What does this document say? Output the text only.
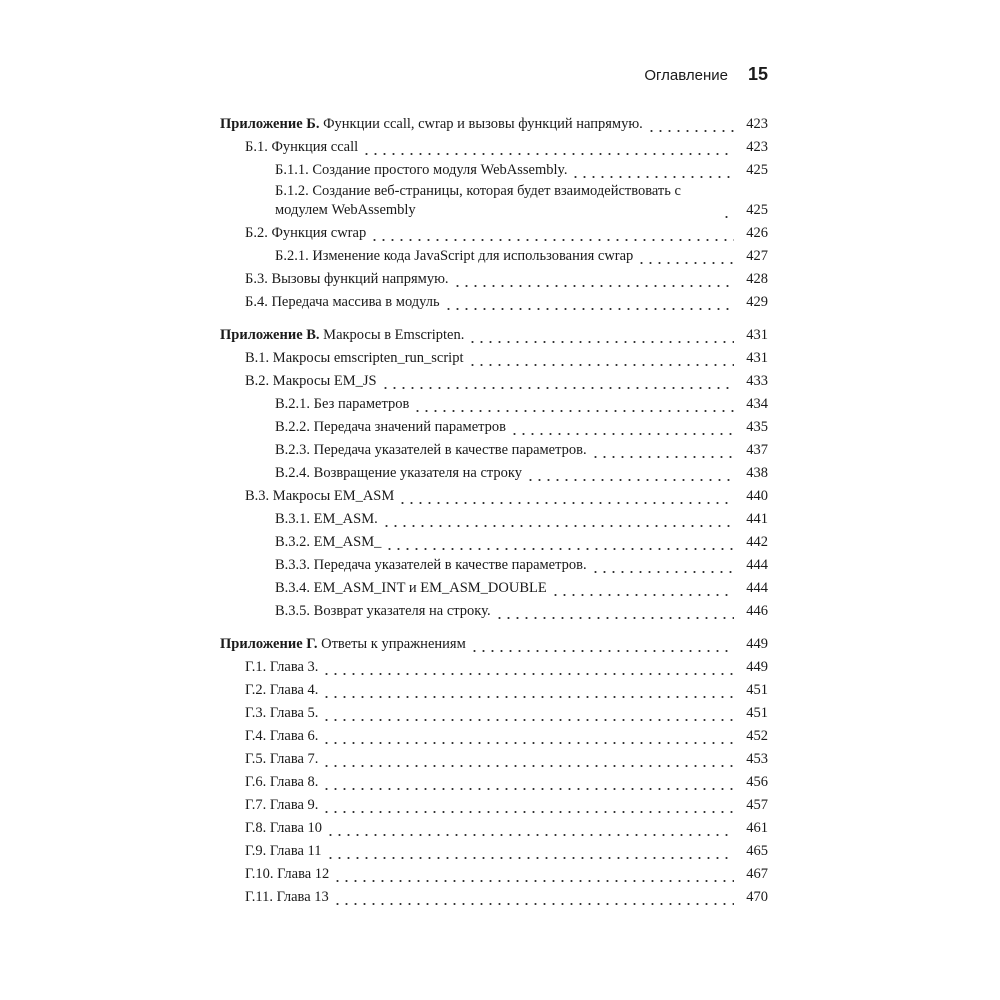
Оглавление 15
Приложение Б. Функции ccall, cwrap и вызовы функций напрямую.	423
Б.1. Функция ccall	423
Б.1.1. Создание простого модуля WebAssembly.	425
Б.1.2. Создание веб-страницы, которая будет взаимодействовать с модулем WebAssembly	425
Б.2. Функция cwrap	426
Б.2.1. Изменение кода JavaScript для использования cwrap	427
Б.3. Вызовы функций напрямую.	428
Б.4. Передача массива в модуль	429
Приложение В. Макросы в Emscripten.	431
В.1. Макросы emscripten_run_script	431
В.2. Макросы EM_JS	433
В.2.1. Без параметров	434
В.2.2. Передача значений параметров	435
В.2.3. Передача указателей в качестве параметров.	437
В.2.4. Возвращение указателя на строку	438
В.3. Макросы EM_ASM	440
В.3.1. EM_ASM.	441
В.3.2. EM_ASM_	442
В.3.3. Передача указателей в качестве параметров.	444
В.3.4. EM_ASM_INT и EM_ASM_DOUBLE	444
В.3.5. Возврат указателя на строку.	446
Приложение Г. Ответы к упражнениям	449
Г.1. Глава 3.	449
Г.2. Глава 4.	451
Г.3. Глава 5.	451
Г.4. Глава 6.	452
Г.5. Глава 7.	453
Г.6. Глава 8.	456
Г.7. Глава 9.	457
Г.8. Глава 10	461
Г.9. Глава 11	465
Г.10. Глава 12	467
Г.11. Глава 13	470
